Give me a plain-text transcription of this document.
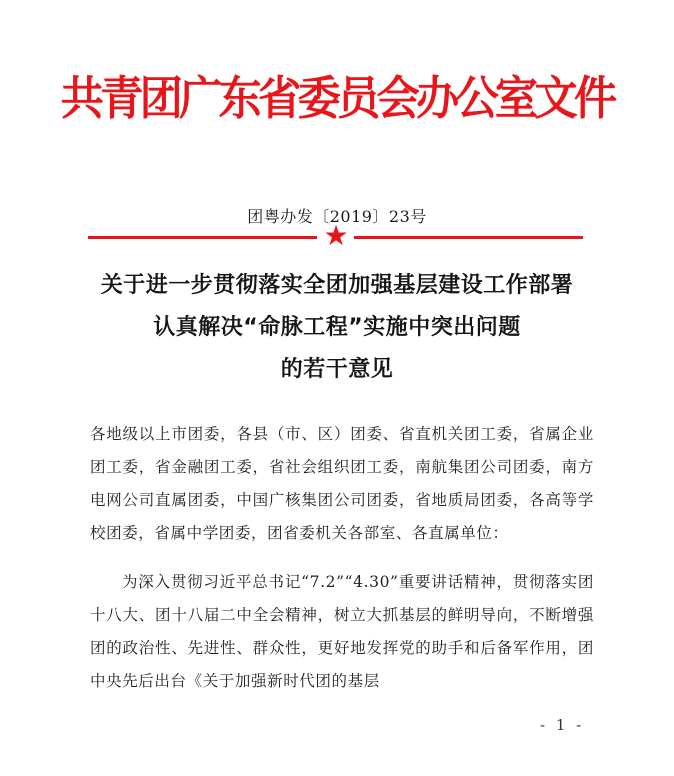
共青团广东省委员会办公室文件
团粤办发〔2019〕23号
★
关于进一步贯彻落实全团加强基层建设工作部署
认真解决“命脉工程”实施中突出问题
的若干意见
各地级以上市团委，各县（市、区）团委、省直机关团工委，省属企业团工委，省金融团工委，省社会组织团工委，南航集团公司团委，南方电网公司直属团委，中国广核集团公司团委，省地质局团委，各高等学校团委，省属中学团委，团省委机关各部室、各直属单位：
为深入贯彻习近平总书记“7.2”“4.30”重要讲话精神，贯彻落实团十八大、团十八届二中全会精神，树立大抓基层的鲜明导向，不断增强团的政治性、先进性、群众性，更好地发挥党的助手和后备军作用，团中央先后出台《关于加强新时代团的基层
- 1 -
